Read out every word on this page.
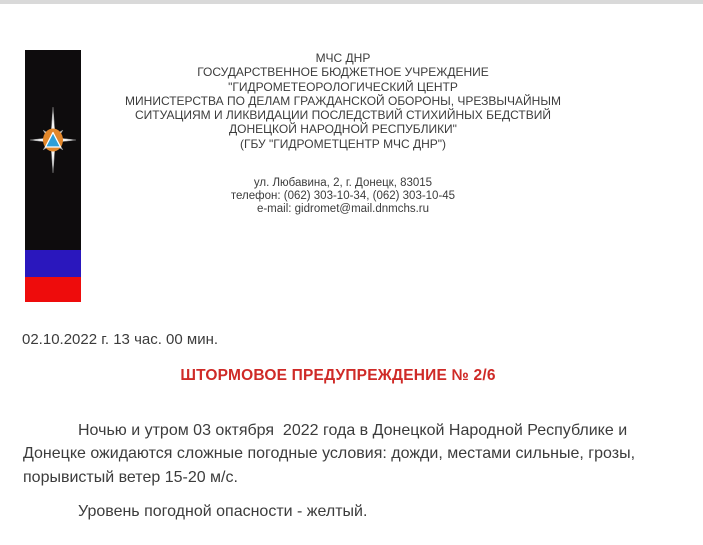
МЧС ДНР
ГОСУДАРСТВЕННОЕ БЮДЖЕТНОЕ УЧРЕЖДЕНИЕ
"ГИДРОМЕТЕОРОЛОГИЧЕСКИЙ ЦЕНТР
МИНИСТЕРСТВА ПО ДЕЛАМ ГРАЖДАНСКОЙ ОБОРОНЫ, ЧРЕЗВЫЧАЙНЫМ
СИТУАЦИЯМ И ЛИКВИДАЦИИ ПОСЛЕДСТВИЙ СТИХИЙНЫХ БЕДСТВИЙ
ДОНЕЦКОЙ НАРОДНОЙ РЕСПУБЛИКИ"
(ГБУ "ГИДРОМЕТЦЕНТР МЧС ДНР")
ул. Любавина, 2, г. Донецк, 83015
телефон: (062) 303-10-34, (062) 303-10-45
e-mail: gidromet@mail.dnmchs.ru
02.10.2022 г. 13 час. 00 мин.
ШТОРМОВОЕ ПРЕДУПРЕЖДЕНИЕ № 2/6
Ночью и утром 03 октября  2022 года в Донецкой Народной Республике и
Донецке ожидаются сложные погодные условия: дожди, местами сильные, грозы,
порывистый ветер 15-20 м/с.
Уровень погодной опасности - желтый.
